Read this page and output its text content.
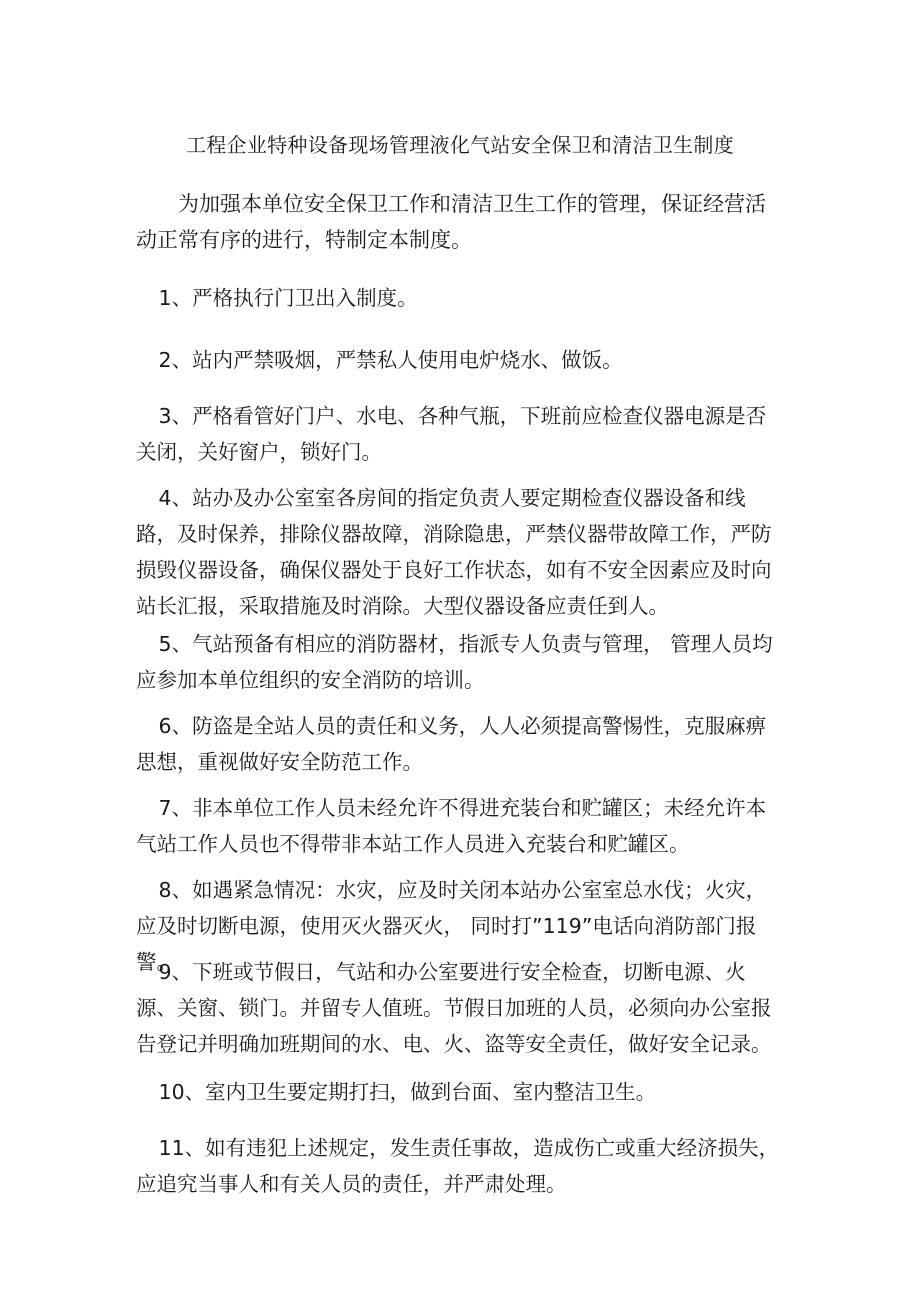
工程企业特种设备现场管理液化气站安全保卫和清洁卫生制度

为加强本单位安全保卫工作和清洁卫生工作的管理，保证经营活动正常有序的进行，特制定本制度。

1、严格执行门卫出入制度。

2、站内严禁吸烟，严禁私人使用电炉烧水、做饭。

3、严格看管好门户、水电、各种气瓶，下班前应检查仪器电源是否关闭，关好窗户，锁好门。

4、站办及办公室室各房间的指定负责人要定期检查仪器设备和线路，及时保养，排除仪器故障，消除隐患，严禁仪器带故障工作，严防损毁仪器设备，确保仪器处于良好工作状态，如有不安全因素应及时向站长汇报，采取措施及时消除。大型仪器设备应责任到人。

5、气站预备有相应的消防器材，指派专人负责与管理， 管理人员均应参加本单位组织的安全消防的培训。

6、防盗是全站人员的责任和义务，人人必须提高警惕性，克服麻痹思想，重视做好安全防范工作。

7、非本单位工作人员未经允许不得进充装台和贮罐区；未经允许本气站工作人员也不得带非本站工作人员进入充装台和贮罐区。

8、如遇紧急情况：水灾，应及时关闭本站办公室室总水伐；火灾，应及时切断电源，使用灭火器灭火， 同时打”119”电话向消防部门报警。

9、下班或节假日，气站和办公室要进行安全检查，切断电源、火源、关窗、锁门。并留专人值班。节假日加班的人员，必须向办公室报告登记并明确加班期间的水、电、火、盗等安全责任，做好安全记录。

10、室内卫生要定期打扫，做到台面、室内整洁卫生。

11、如有违犯上述规定，发生责任事故，造成伤亡或重大经济损失，应追究当事人和有关人员的责任，并严肃处理。
